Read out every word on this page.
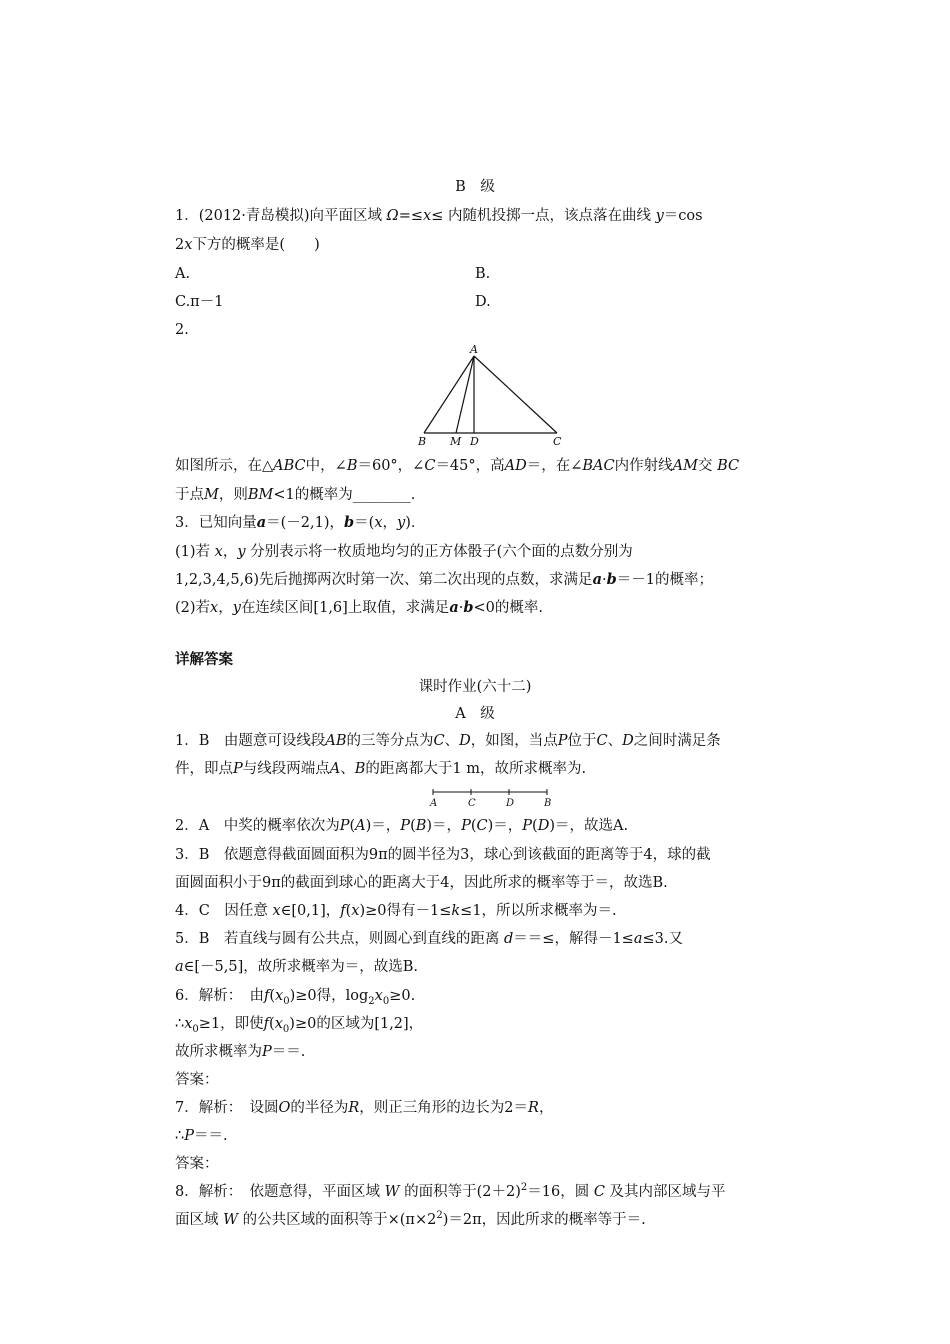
B　级
1．(2012·青岛模拟)向平面区域 Ω=≤x≤ 内随机投掷一点，该点落在曲线 y＝cos
2x下方的概率是(　　)
A.	B.
C.π－1	D.
2.
A
B M D	C
如图所示，在△ABC中，∠B＝60°，∠C＝45°，高AD＝，在∠BAC内作射线AM交 BC
于点M，则BM<1的概率为________.
3．已知向量a＝(－2,1)，b＝(x，y)．
(1)若 x，y 分别表示将一枚质地均匀的正方体骰子(六个面的点数分别为
1,2,3,4,5,6)先后抛掷两次时第一次、第二次出现的点数，求满足a·b＝－1的概率；
(2)若x，y在连续区间[1,6]上取值，求满足a·b<0的概率.
详解答案
课时作业(六十二)
A　级
1．B　由题意可设线段AB的三等分点为C、D，如图，当点P位于C、D之间时满足条
件，即点P与线段两端点A、B的距离都大于1 m，故所求概率为.
A	C	D	B
2．A　中奖的概率依次为P(A)＝，P(B)＝，P(C)＝，P(D)＝，故选A.
3．B　依题意得截面圆面积为9π的圆半径为3，球心到该截面的距离等于4，球的截
面圆面积小于9π的截面到球心的距离大于4，因此所求的概率等于＝，故选B.
4．C　因任意 x∈[0,1]，f(x)≥0得有－1≤k≤1，所以所求概率为＝.
5．B　若直线与圆有公共点，则圆心到直线的距离 d＝＝≤，解得－1≤a≤3.又
a∈[－5,5]，故所求概率为＝，故选B.
6．解析：　由$f(x_0)\ge 0$得，$\log_2x_0\ge 0$.
$\therefore x_0\ge 1$，即使$f(x_0)\ge 0$的区域为[1,2]，
故所求概率为P＝＝.
答案：
7．解析：　设圆O的半径为R，则正三角形的边长为2＝R，
∴P＝＝.
答案：
8．解析：　依题意得，平面区域 W 的面积等于$(2+2)^2=16$，圆 C 及其内部区域与平
面区域 W 的公共区域的面积等于$\times(\pi\times 2^2)=2\pi$，因此所求的概率等于＝.
